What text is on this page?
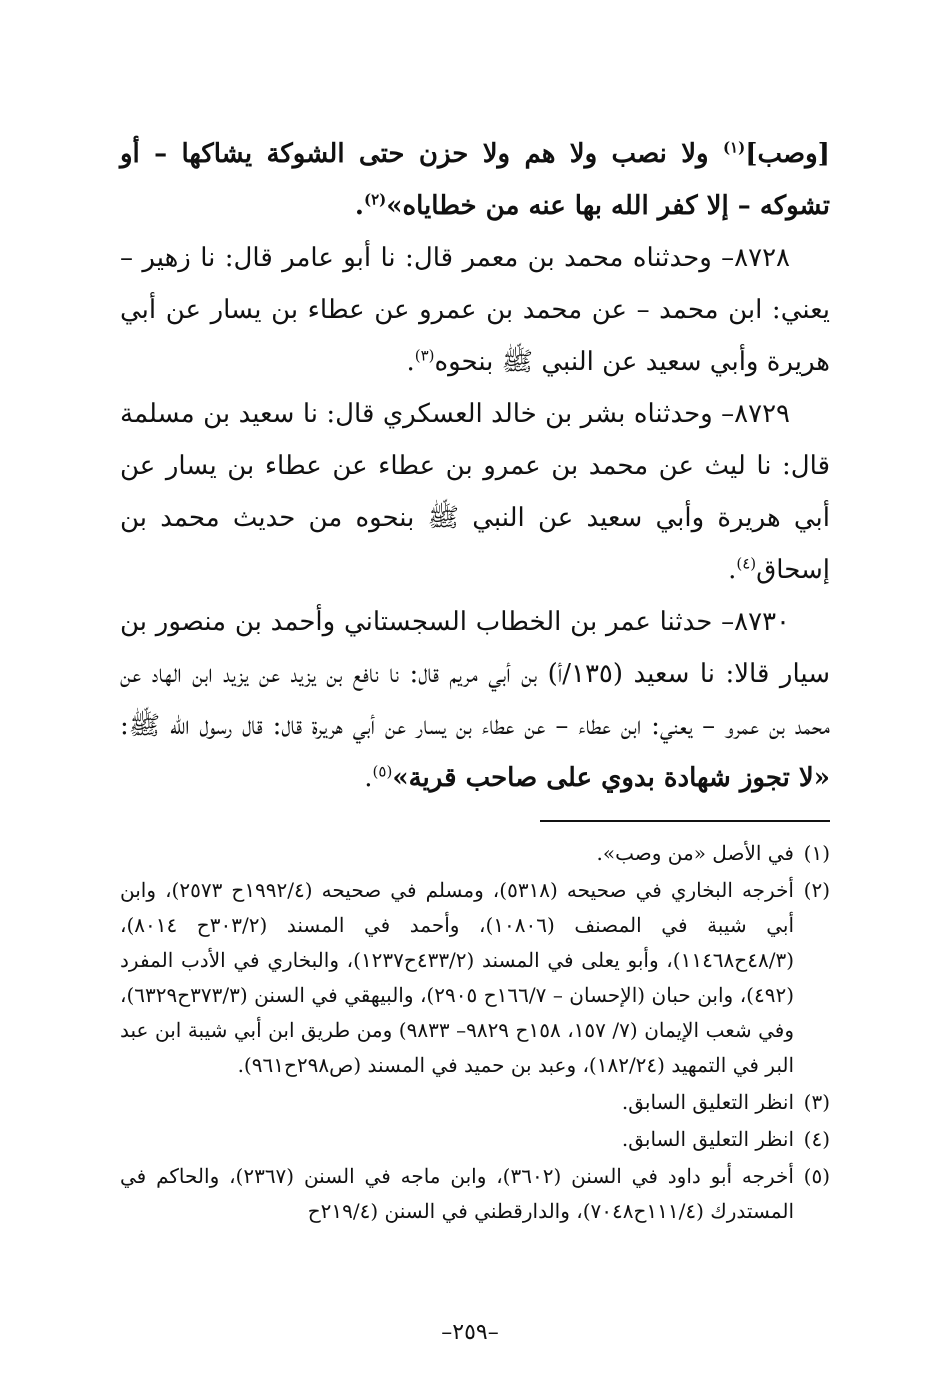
[وصب]$^{(١)}$ ولا نصب ولا هم ولا حزن حتى الشوكة يشاكها – أو تشوكه – إلا كفر الله بها عنه من خطاياه»$^{(٢)}$.

٨٧٢٨– وحدثناه محمد بن معمر قال: نا أبو عامر قال: نا زهير – يعني: ابن محمد – عن محمد بن عمرو عن عطاء بن يسار عن أبي هريرة وأبي سعيد عن النبي ﷺ بنحوه$^{(٣)}$.

٨٧٢٩– وحدثناه بشر بن خالد العسكري قال: نا سعيد بن مسلمة قال: نا ليث عن محمد بن عمرو بن عطاء عن عطاء بن يسار عن أبي هريرة وأبي سعيد عن النبي ﷺ بنحوه من حديث محمد بن إسحاق$^{(٤)}$.

٨٧٣٠– حدثنا عمر بن الخطاب السجستاني وأحمد بن منصور بن سيار قالا: نا سعيد (١٣٥/أ) بن أبي مريم قال: نا نافع بن يزيد عن يزيد ابن الهاد عن محمد بن عمرو – يعني: ابن عطاء – عن عطاء بن يسار عن أبي هريرة قال: قال رسول الله ﷺ: «لا تجوز شهادة بدوي على صاحب قرية»$^{(٥)}$.

(١)
في الأصل «من وصب».
(٢)
أخرجه البخاري في صحيحه (٥٣١٨)، ومسلم في صحيحه (١٩٩٢/٤ح ٢٥٧٣)، وابن أبي شيبة في المصنف (١٠٨٠٦)، وأحمد في المسند (٣٠٣/٢ح ٨٠١٤)، (٤٨/٣ح١١٤٦٨)، وأبو يعلى في المسند (٤٣٣/٢ح١٢٣٧)، والبخاري في الأدب المفرد (٤٩٢)، وابن حبان (الإحسان – ١٦٦/٧ح ٢٩٠٥)، والبيهقي في السنن (٣٧٣/٣ح٦٣٢٩)، وفي شعب الإيمان (٧/ ١٥٧، ١٥٨ح ٩٨٢٩– ٩٨٣٣) ومن طريق ابن أبي شيبة ابن عبد البر في التمهيد (١٨٢/٢٤)، وعبد بن حميد في المسند (ص٢٩٨ح٩٦١).
(٣)
انظر التعليق السابق.
(٤)
انظر التعليق السابق.
(٥)
أخرجه أبو داود في السنن (٣٦٠٢)، وابن ماجه في السنن (٢٣٦٧)، والحاكم في المستدرك (١١١/٤ح٧٠٤٨)، والدارقطني في السنن (٢١٩/٤ح
–٢٥٩–
